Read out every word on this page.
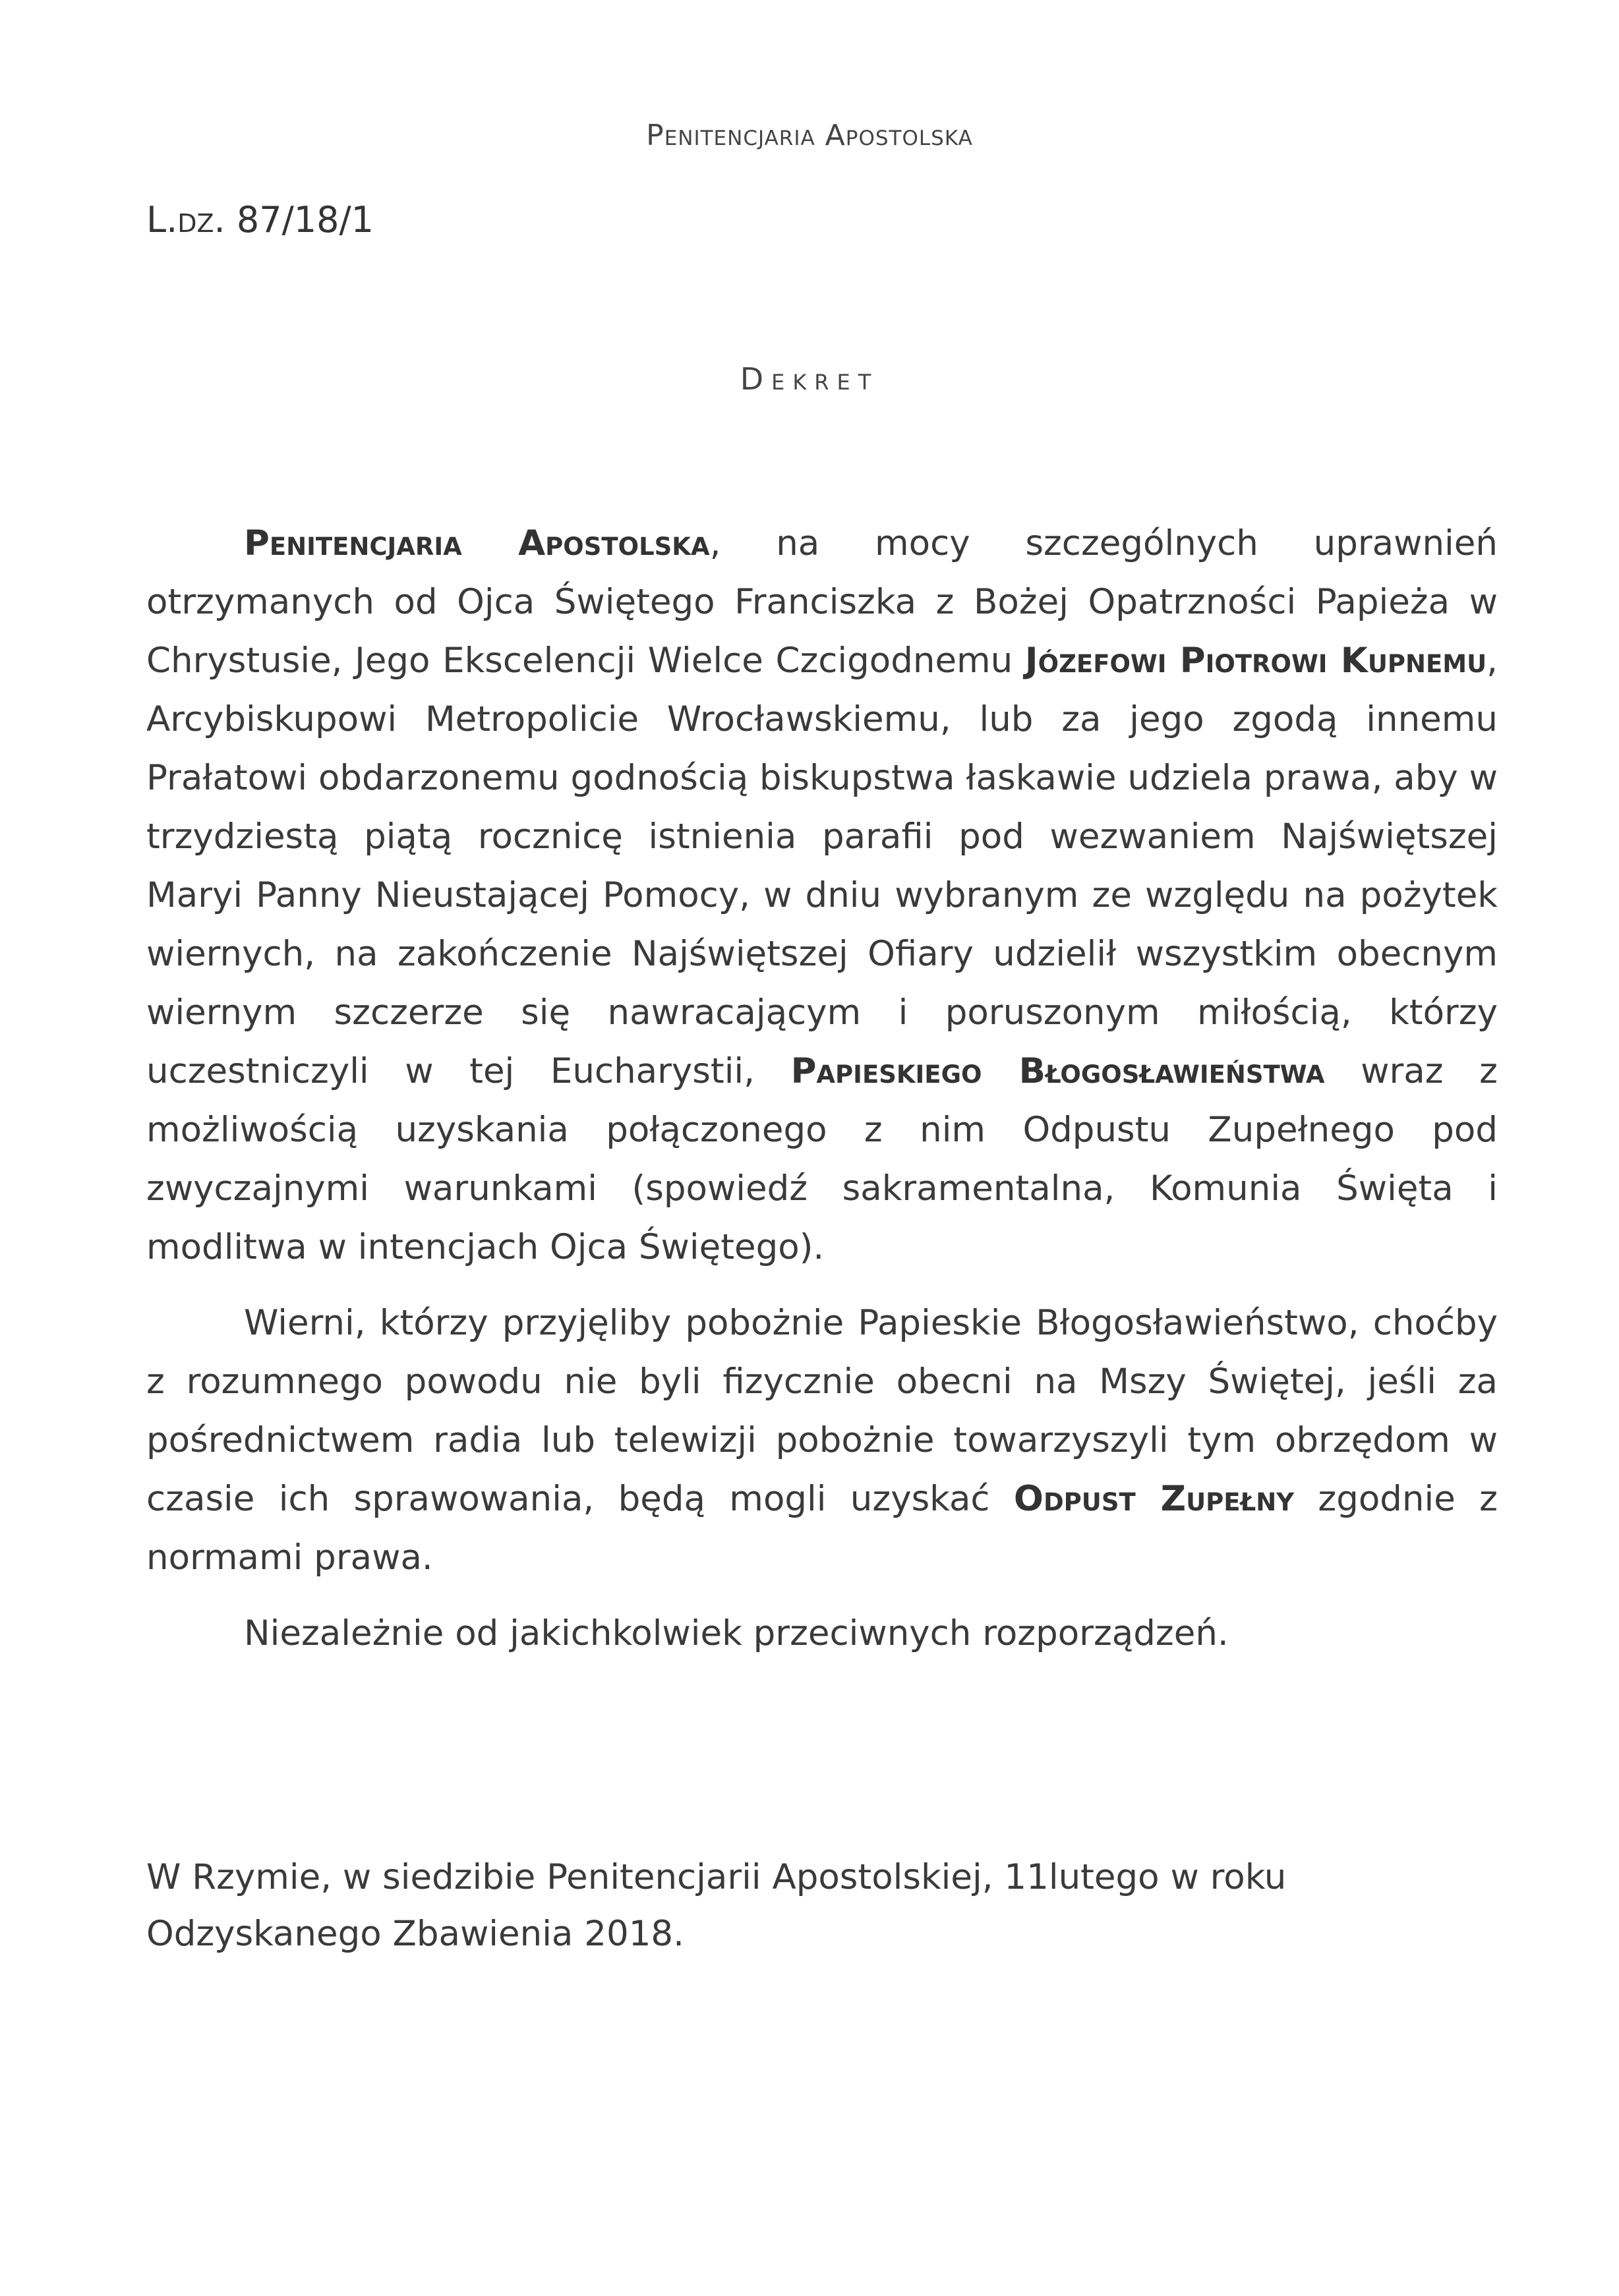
Penitencjaria Apostolska
L.dz. 87/18/1
Dekret

Penitencjaria Apostolska, na mocy szczególnych uprawnień otrzymanych od Ojca Świętego Franciszka z Bożej Opatrzności Papieża w Chrystusie, Jego Ekscelencji Wielce Czcigodnemu Józefowi Piotrowi Kupnemu, Arcybiskupowi Metropolicie Wrocławskiemu, lub za jego zgodą innemu Prałatowi obdarzonemu godnością biskupstwa łaskawie udziela prawa, aby w trzydziestą piątą rocznicę istnienia parafii pod wezwaniem Najświętszej Maryi Panny Nieustającej Pomocy, w dniu wybranym ze względu na pożytek wiernych, na zakończenie Najświętszej Ofiary udzielił wszystkim obecnym wiernym szczerze się nawracającym i poruszonym miłością, którzy uczestniczyli w tej Eucharystii, Papieskiego Błogosławieństwa wraz z możliwością uzyskania połączonego z nim Odpustu Zupełnego pod zwyczajnymi warunkami (spowiedź sakramentalna, Komunia Święta i modlitwa w intencjach Ojca Świętego).

Wierni, którzy przyjęliby pobożnie Papieskie Błogosławieństwo, choćby z rozumnego powodu nie byli fizycznie obecni na Mszy Świętej, jeśli za pośrednictwem radia lub telewizji pobożnie towarzyszyli tym obrzędom w czasie ich sprawowania, będą mogli uzyskać Odpust Zupełny zgodnie z normami prawa.

Niezależnie od jakichkolwiek przeciwnych rozporządzeń.

W Rzymie, w siedzibie Penitencjarii Apostolskiej, 11lutego w roku
Odzyskanego Zbawienia 2018.
